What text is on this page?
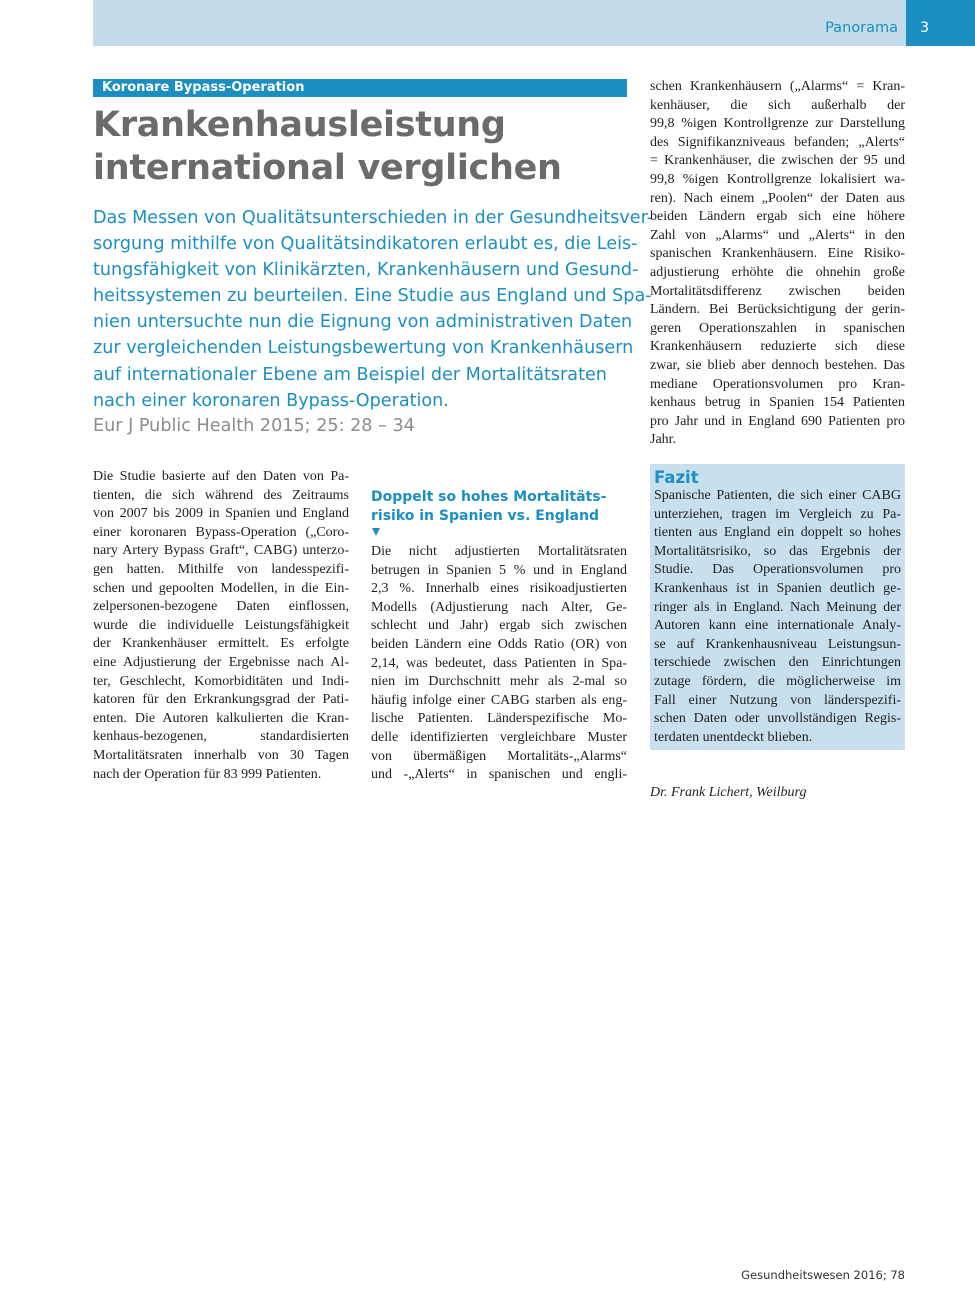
Panorama 3
Koronare Bypass-Operation
Krankenhausleistung
international verglichen

Das Messen von Qualitätsunterschieden in der Gesundheitsver-
sorgung mithilfe von Qualitätsindikatoren erlaubt es, die Leis-
tungsfähigkeit von Klinikärzten, Krankenhäusern und Gesund-
heitssystemen zu beurteilen. Eine Studie aus England und Spa-
nien untersuchte nun die Eignung von administrativen Daten
zur vergleichenden Leistungsbewertung von Krankenhäusern
auf internationaler Ebene am Beispiel der Mortalitätsraten
nach einer koronaren Bypass-Operation.

Eur J Public Health 2015; 25: 28 – 34

Die Studie basierte auf den Daten von Pa-
tienten, die sich während des Zeitraums
von 2007 bis 2009 in Spanien und England
einer koronaren Bypass-Operation („Coro-
nary Artery Bypass Graft“, CABG) unterzo-
gen hatten. Mithilfe von landesspezifi-
schen und gepoolten Modellen, in die Ein-
zelpersonen-bezogene Daten einflossen,
wurde die individuelle Leistungsfähigkeit
der Krankenhäuser ermittelt. Es erfolgte
eine Adjustierung der Ergebnisse nach Al-
ter, Geschlecht, Komorbiditäten und Indi-
katoren für den Erkrankungsgrad der Pati-
enten. Die Autoren kalkulierten die Kran-
kenhaus-bezogenen, standardisierten
Mortalitätsraten innerhalb von 30 Tagen
nach der Operation für 83 999 Patienten.
Doppelt so hohes Mortalitäts-
risiko in Spanien vs. England
Die nicht adjustierten Mortalitätsraten
betrugen in Spanien 5 % und in England
2,3 %. Innerhalb eines risikoadjustierten
Modells (Adjustierung nach Alter, Ge-
schlecht und Jahr) ergab sich zwischen
beiden Ländern eine Odds Ratio (OR) von
2,14, was bedeutet, dass Patienten in Spa-
nien im Durchschnitt mehr als 2-mal so
häufig infolge einer CABG starben als eng-
lische Patienten. Länderspezifische Mo-
delle identifizierten vergleichbare Muster
von übermäßigen Mortalitäts-„Alarms“
und -„Alerts“ in spanischen und engli-
schen Krankenhäusern („Alarms“ = Kran-
kenhäuser, die sich außerhalb der
99,8 %igen Kontrollgrenze zur Darstellung
des Signifikanzniveaus befanden; „Alerts“
= Krankenhäuser, die zwischen der 95 und
99,8 %igen Kontrollgrenze lokalisiert wa-
ren). Nach einem „Poolen“ der Daten aus
beiden Ländern ergab sich eine höhere
Zahl von „Alarms“ und „Alerts“ in den
spanischen Krankenhäusern. Eine Risiko-
adjustierung erhöhte die ohnehin große
Mortalitätsdifferenz zwischen beiden
Ländern. Bei Berücksichtigung der gerin-
geren Operationszahlen in spanischen
Krankenhäusern reduzierte sich diese
zwar, sie blieb aber dennoch bestehen. Das
mediane Operationsvolumen pro Kran-
kenhaus betrug in Spanien 154 Patienten
pro Jahr und in England 690 Patienten pro
Jahr.
Fazit
Spanische Patienten, die sich einer CABG
unterziehen, tragen im Vergleich zu Pa-
tienten aus England ein doppelt so hohes
Mortalitätsrisiko, so das Ergebnis der
Studie. Das Operationsvolumen pro
Krankenhaus ist in Spanien deutlich ge-
ringer als in England. Nach Meinung der
Autoren kann eine internationale Analy-
se auf Krankenhausniveau Leistungsun-
terschiede zwischen den Einrichtungen
zutage fördern, die möglicherweise im
Fall einer Nutzung von länderspezifi-
schen Daten oder unvollständigen Regis-
terdaten unentdeckt blieben.
Dr. Frank Lichert, Weilburg
Gesundheitswesen 2016; 78
